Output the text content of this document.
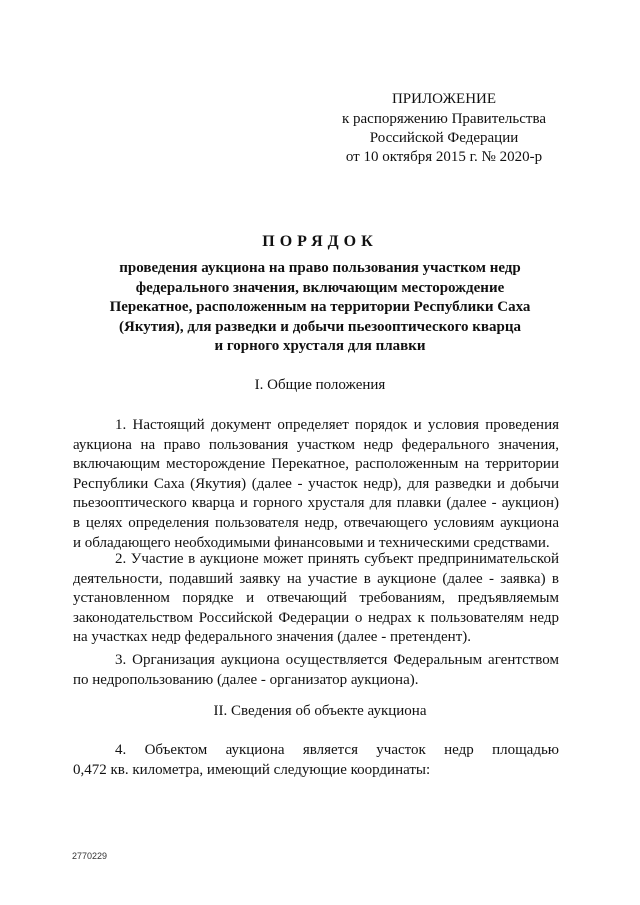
ПРИЛОЖЕНИЕ
к распоряжению Правительства
Российской Федерации
от 10 октября 2015 г. № 2020-р
ПОРЯДОК
проведения аукциона на право пользования участком недр
федерального значения, включающим месторождение
Перекатное, расположенным на территории Республики Саха
(Якутия), для разведки и добычи пьезооптического кварца
и горного хрусталя для плавки
I. Общие положения
1. Настоящий документ определяет порядок и условия проведения
аукциона на право пользования участком недр федерального значения,
включающим месторождение Перекатное, расположенным на территории
Республики Саха (Якутия) (далее - участок недр), для разведки и добычи
пьезооптического кварца и горного хрусталя для плавки (далее - аукцион)
в целях определения пользователя недр, отвечающего условиям аукциона
и обладающего необходимыми финансовыми и техническими средствами.
2. Участие в аукционе может принять субъект предпринимательской
деятельности, подавший заявку на участие в аукционе (далее - заявка) в
установленном порядке и отвечающий требованиям, предъявляемым
законодательством Российской Федерации о недрах к пользователям недр
на участках недр федерального значения (далее - претендент).
3. Организация аукциона осуществляется Федеральным агентством
по недропользованию (далее - организатор аукциона).
II. Сведения об объекте аукциона
4. Объектом аукциона является участок недр площадью
0,472 кв. километра, имеющий следующие координаты:
2770229
